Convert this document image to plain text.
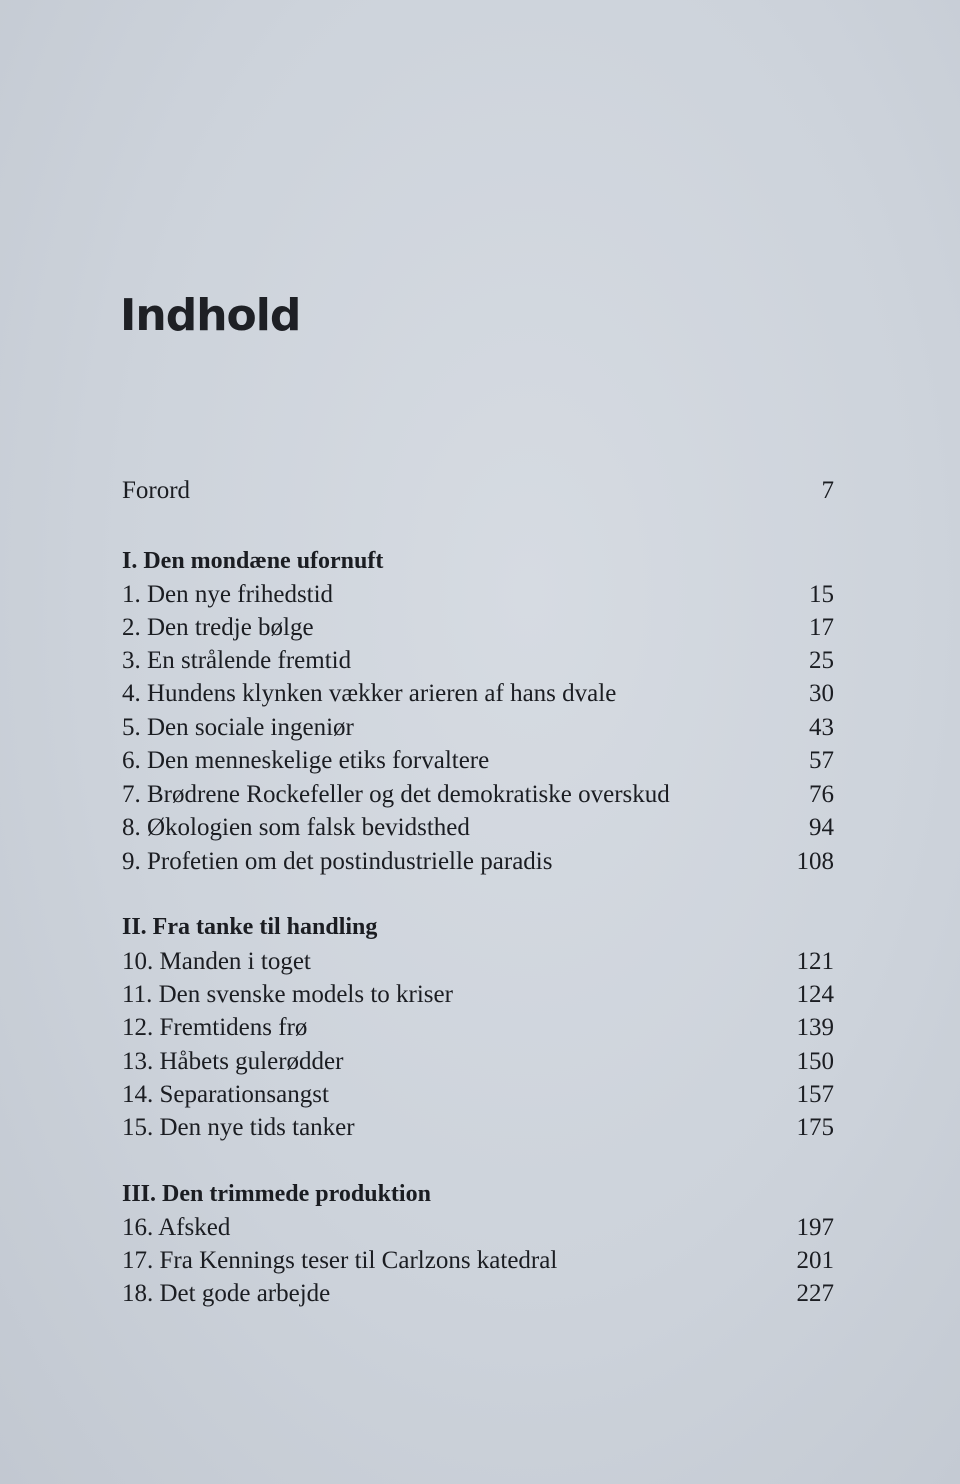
Indhold
Forord	7
I. Den mondæne ufornuft
1. Den nye frihedstid	15
2. Den tredje bølge	17
3. En strålende fremtid	25
4. Hundens klynken vækker arieren af hans dvale	30
5. Den sociale ingeniør	43
6. Den menneskelige etiks forvaltere	57
7. Brødrene Rockefeller og det demokratiske overskud	76
8. Økologien som falsk bevidsthed	94
9. Profetien om det postindustrielle paradis	108
II. Fra tanke til handling
10. Manden i toget	121
11. Den svenske models to kriser	124
12. Fremtidens frø	139
13. Håbets gulerødder	150
14. Separationsangst	157
15. Den nye tids tanker	175
III. Den trimmede produktion
16. Afsked	197
17. Fra Kennings teser til Carlzons katedral	201
18. Det gode arbejde	227
